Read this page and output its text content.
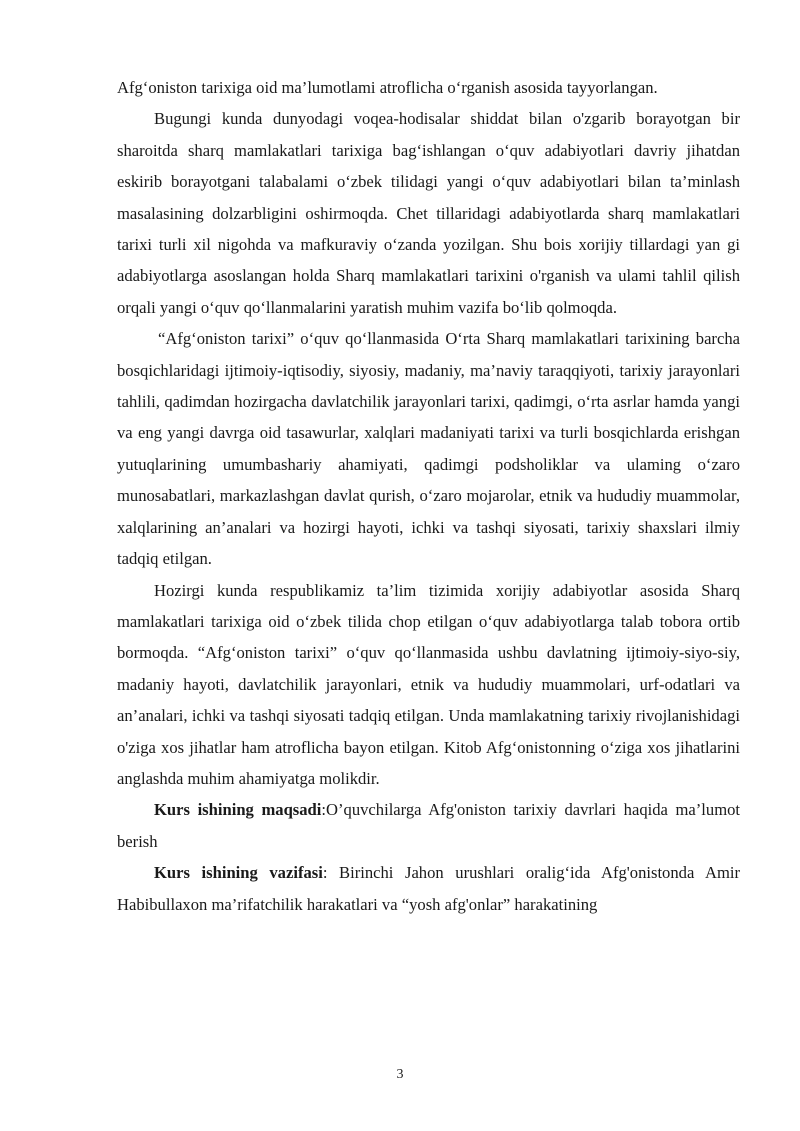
Afg‘oniston tarixiga oid ma’lumotlami atroflicha o‘rganish asosida tayyorlangan.

Bugungi kunda dunyodagi voqea-hodisalar shiddat bilan o'zgarib borayotgan bir sharoitda sharq mamlakatlari tarixiga bag‘ishlangan o‘quv adabiyotlari davriy jihatdan eskirib borayotgani talabalami o‘zbek tilidagi yangi o‘quv adabiyotlari bilan ta’minlash masalasining dolzarbligini oshirmoqda. Chet tillaridagi adabiyotlarda sharq mamlakatlari tarixi turli xil nigohda va mafkuraviy o‘zanda yozilgan. Shu bois xorijiy tillardagi yan gi adabiyotlarga asoslangan holda Sharq mamlakatlari tarixini o'rganish va ulami tahlil qilish orqali yangi o‘quv qo‘llanmalarini yaratish muhim vazifa bo‘lib qolmoqda.

“Afg‘oniston tarixi” o‘quv qo‘llanmasida O‘rta Sharq mamlakatlari tarixining barcha bosqichlaridagi ijtimoiy-iqtisodiy, siyosiy, madaniy, ma’naviy taraqqiyoti, tarixiy jarayonlari tahlili, qadimdan hozirgacha davlatchilik jarayonlari tarixi, qadimgi, o‘rta asrlar hamda yangi va eng yangi davrga oid tasawurlar, xalqlari madaniyati tarixi va turli bosqichlarda erishgan yutuqlarining umumbashariy ahamiyati, qadimgi podsholiklar va ulaming o‘zaro munosabatlari, markazlashgan davlat qurish, o‘zaro mojarolar, etnik va hududiy muammolar, xalqlarining an’analari va hozirgi hayoti, ichki va tashqi siyosati, tarixiy shaxslari ilmiy tadqiq etilgan.

Hozirgi kunda respublikamiz ta’lim tizimida xorijiy adabiyotlar asosida Sharq mamlakatlari tarixiga oid o‘zbek tilida chop etilgan o‘quv adabiyotlarga talab tobora ortib bormoqda. “Afg‘oniston tarixi” o‘quv qo‘llanmasida ushbu davlatning ijtimoiy-siyo-siy, madaniy hayoti, davlatchilik jarayonlari, etnik va hududiy muammolari, urf-odatlari va an’analari, ichki va tashqi siyosati tadqiq etilgan. Unda mamlakatning tarixiy rivojlanishidagi o'ziga xos jihatlar ham atroflicha bayon etilgan. Kitob Afg‘onistonning o‘ziga xos jihatlarini anglashda muhim ahamiyatga molikdir.

Kurs ishining maqsadi:O’quvchilarga Afg'oniston tarixiy davrlari haqida ma’lumot berish

Kurs ishining vazifasi: Birinchi Jahon urushlari oralig‘ida Afg'onistonda Amir Habibullaxon ma’rifatchilik harakatlari va “yosh afg'onlar” harakatining

3
